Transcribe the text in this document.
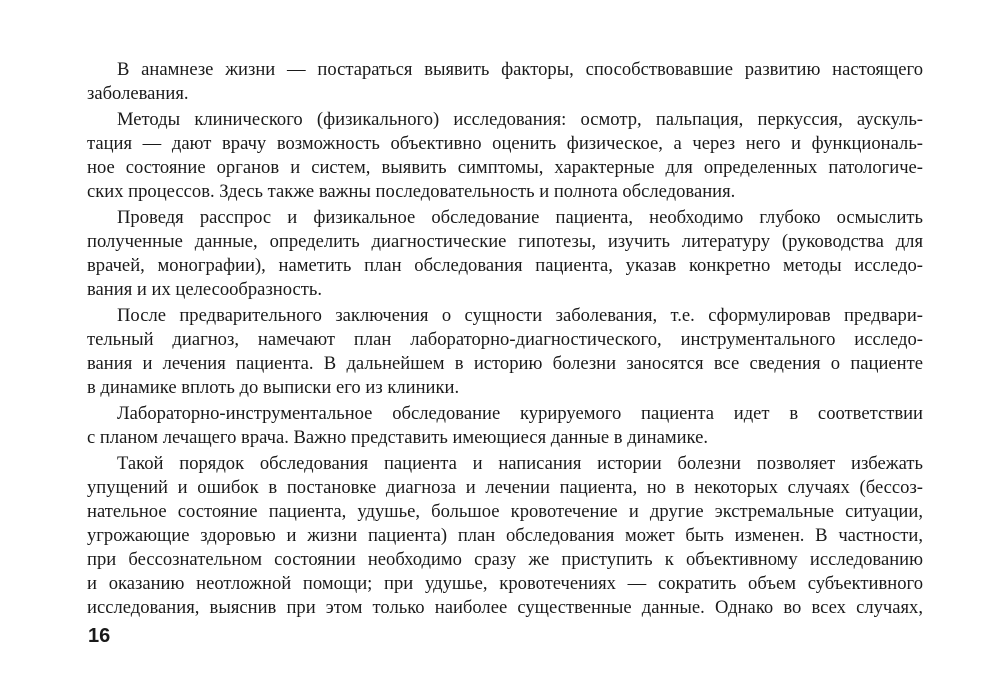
В анамнезе жизни — постараться выявить факторы, способствовавшие развитию настоящего
заболевания.
Методы клинического (физикального) исследования: осмотр, пальпация, перкуссия, аускуль-
тация — дают врачу возможность объективно оценить физическое, а через него и функциональ-
ное состояние органов и систем, выявить симптомы, характерные для определенных патологиче-
ских процессов. Здесь также важны последовательность и полнота обследования.
Проведя расспрос и физикальное обследование пациента, необходимо глубоко осмыслить
полученные данные, определить диагностические гипотезы, изучить литературу (руководства для
врачей, монографии), наметить план обследования пациента, указав конкретно методы исследо-
вания и их целесообразность.
После предварительного заключения о сущности заболевания, т.е. сформулировав предвари-
тельный диагноз, намечают план лабораторно-диагностического, инструментального исследо-
вания и лечения пациента. В дальнейшем в историю болезни заносятся все сведения о пациенте
в динамике вплоть до выписки его из клиники.
Лабораторно-инструментальное обследование курируемого пациента идет в соответствии
с планом лечащего врача. Важно представить имеющиеся данные в динамике.
Такой порядок обследования пациента и написания истории болезни позволяет избежать
упущений и ошибок в постановке диагноза и лечении пациента, но в некоторых случаях (бессоз-
нательное состояние пациента, удушье, большое кровотечение и другие экстремальные ситуации,
угрожающие здоровью и жизни пациента) план обследования может быть изменен. В частности,
при бессознательном состоянии необходимо сразу же приступить к объективному исследованию
и оказанию неотложной помощи; при удушье, кровотечениях — сократить объем субъективного
исследования, выяснив при этом только наиболее существенные данные. Однако во всех случаях,
16
